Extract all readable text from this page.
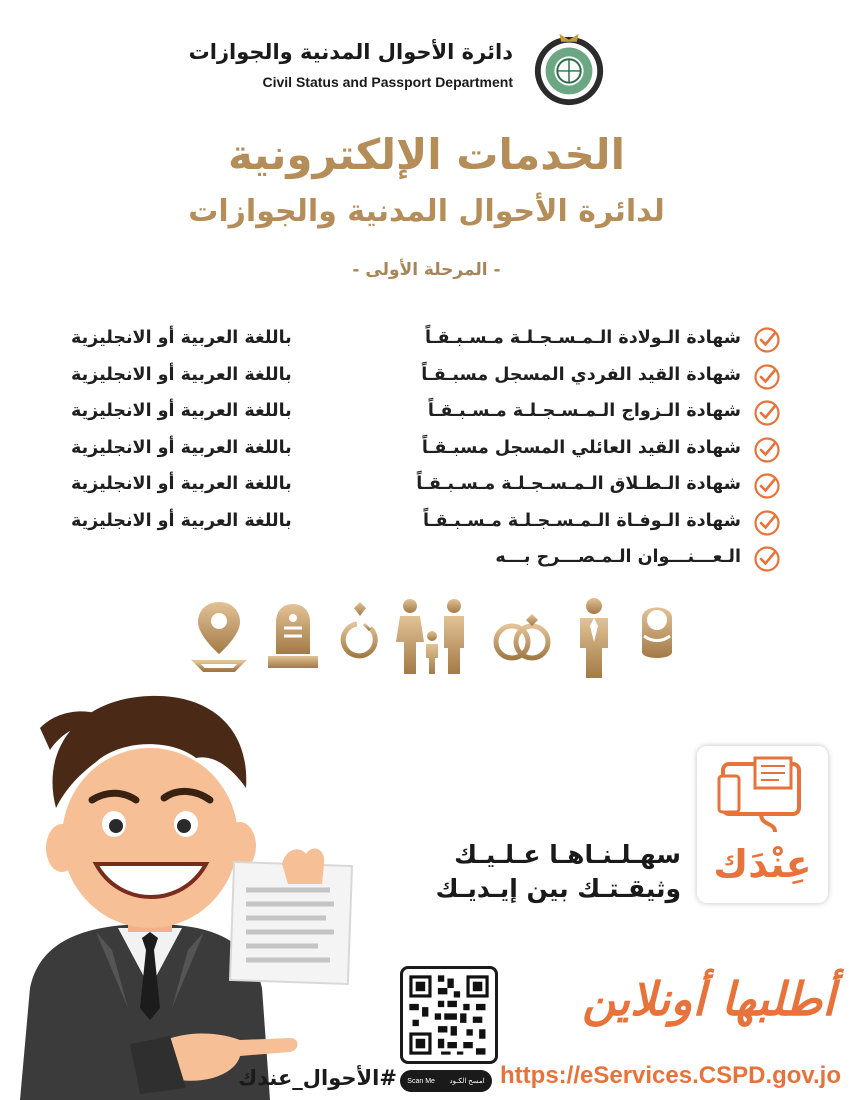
دائرة الأحوال المدنية والجوازات
Civil Status and Passport Department
الخدمات الإلكترونية
لدائرة الأحوال المدنية والجوازات
- المرحلة الأولى -
شهادة الـولادة الـمـسـجـلـة مـسـبـقـاً
باللغة العربية أو الانجليزية
شهادة القيد الفردي المسجل مسبـقـاً
باللغة العربية أو الانجليزية
شهادة الـزواج الـمـسـجـلـة مـسـبـقـاً
باللغة العربية أو الانجليزية
شهادة القيد العائلي المسجل مسبـقـاً
باللغة العربية أو الانجليزية
شهادة الـطـلاق الـمـسـجـلـة مـسـبـقـاً
باللغة العربية أو الانجليزية
شهادة الـوفـاة الـمـسـجـلـة مـسـبـقـاً
باللغة العربية أو الانجليزية
الـعـــنـــوان الـمـصـــرح بـــه
سهـلـنـاهـا عـلـيـك
وثيقـتـك بين إيـديـك
عِنْدَك
Scan Me امسح الكـود
أطلبها أونلاين
https://eServices.CSPD.gov.jo
#الأحوال_عندك
